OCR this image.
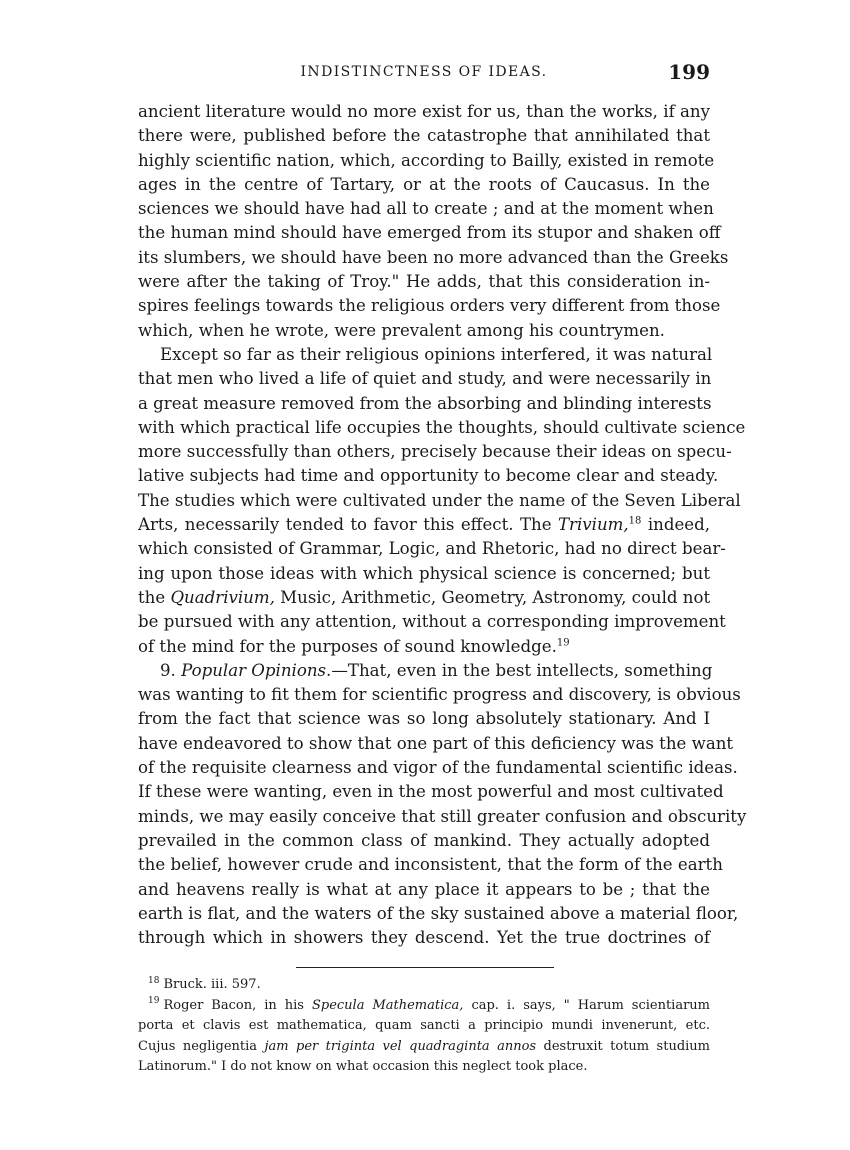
INDISTINCTNESS OF IDEAS.	199
ancient literature would no more exist for us, than the works, if any
there were, published before the catastrophe that annihilated that
highly scientific nation, which, according to Bailly, existed in remote
ages in the centre of Tartary, or at the roots of Caucasus. In the
sciences we should have had all to create ; and at the moment when
the human mind should have emerged from its stupor and shaken off
its slumbers, we should have been no more advanced than the Greeks
were after the taking of Troy." He adds, that this consideration in-
spires feelings towards the religious orders very different from those
which, when he wrote, were prevalent among his countrymen.
Except so far as their religious opinions interfered, it was natural
that men who lived a life of quiet and study, and were necessarily in
a great measure removed from the absorbing and blinding interests
with which practical life occupies the thoughts, should cultivate science
more successfully than others, precisely because their ideas on specu-
lative subjects had time and opportunity to become clear and steady.
The studies which were cultivated under the name of the Seven Liberal
Arts, necessarily tended to favor this effect. The Trivium,$^{18}$ indeed,
which consisted of Grammar, Logic, and Rhetoric, had no direct bear-
ing upon those ideas with which physical science is concerned; but
the Quadrivium, Music, Arithmetic, Geometry, Astronomy, could not
be pursued with any attention, without a corresponding improvement
of the mind for the purposes of sound knowledge.$^{19}$
9. Popular Opinions.—That, even in the best intellects, something
was wanting to fit them for scientific progress and discovery, is obvious
from the fact that science was so long absolutely stationary. And I
have endeavored to show that one part of this deficiency was the want
of the requisite clearness and vigor of the fundamental scientific ideas.
If these were wanting, even in the most powerful and most cultivated
minds, we may easily conceive that still greater confusion and obscurity
prevailed in the common class of mankind. They actually adopted
the belief, however crude and inconsistent, that the form of the earth
and heavens really is what at any place it appears to be ; that the
earth is flat, and the waters of the sky sustained above a material floor,
through which in showers they descend. Yet the true doctrines of
$^{18}$ Bruck. iii. 597.
$^{19}$ Roger Bacon, in his Specula Mathematica, cap. i. says, " Harum scientiarum
porta et clavis est mathematica, quam sancti a principio mundi invenerunt, etc.
Cujus negligentia jam per triginta vel quadraginta annos destruxit totum studium
Latinorum." I do not know on what occasion this neglect took place.
